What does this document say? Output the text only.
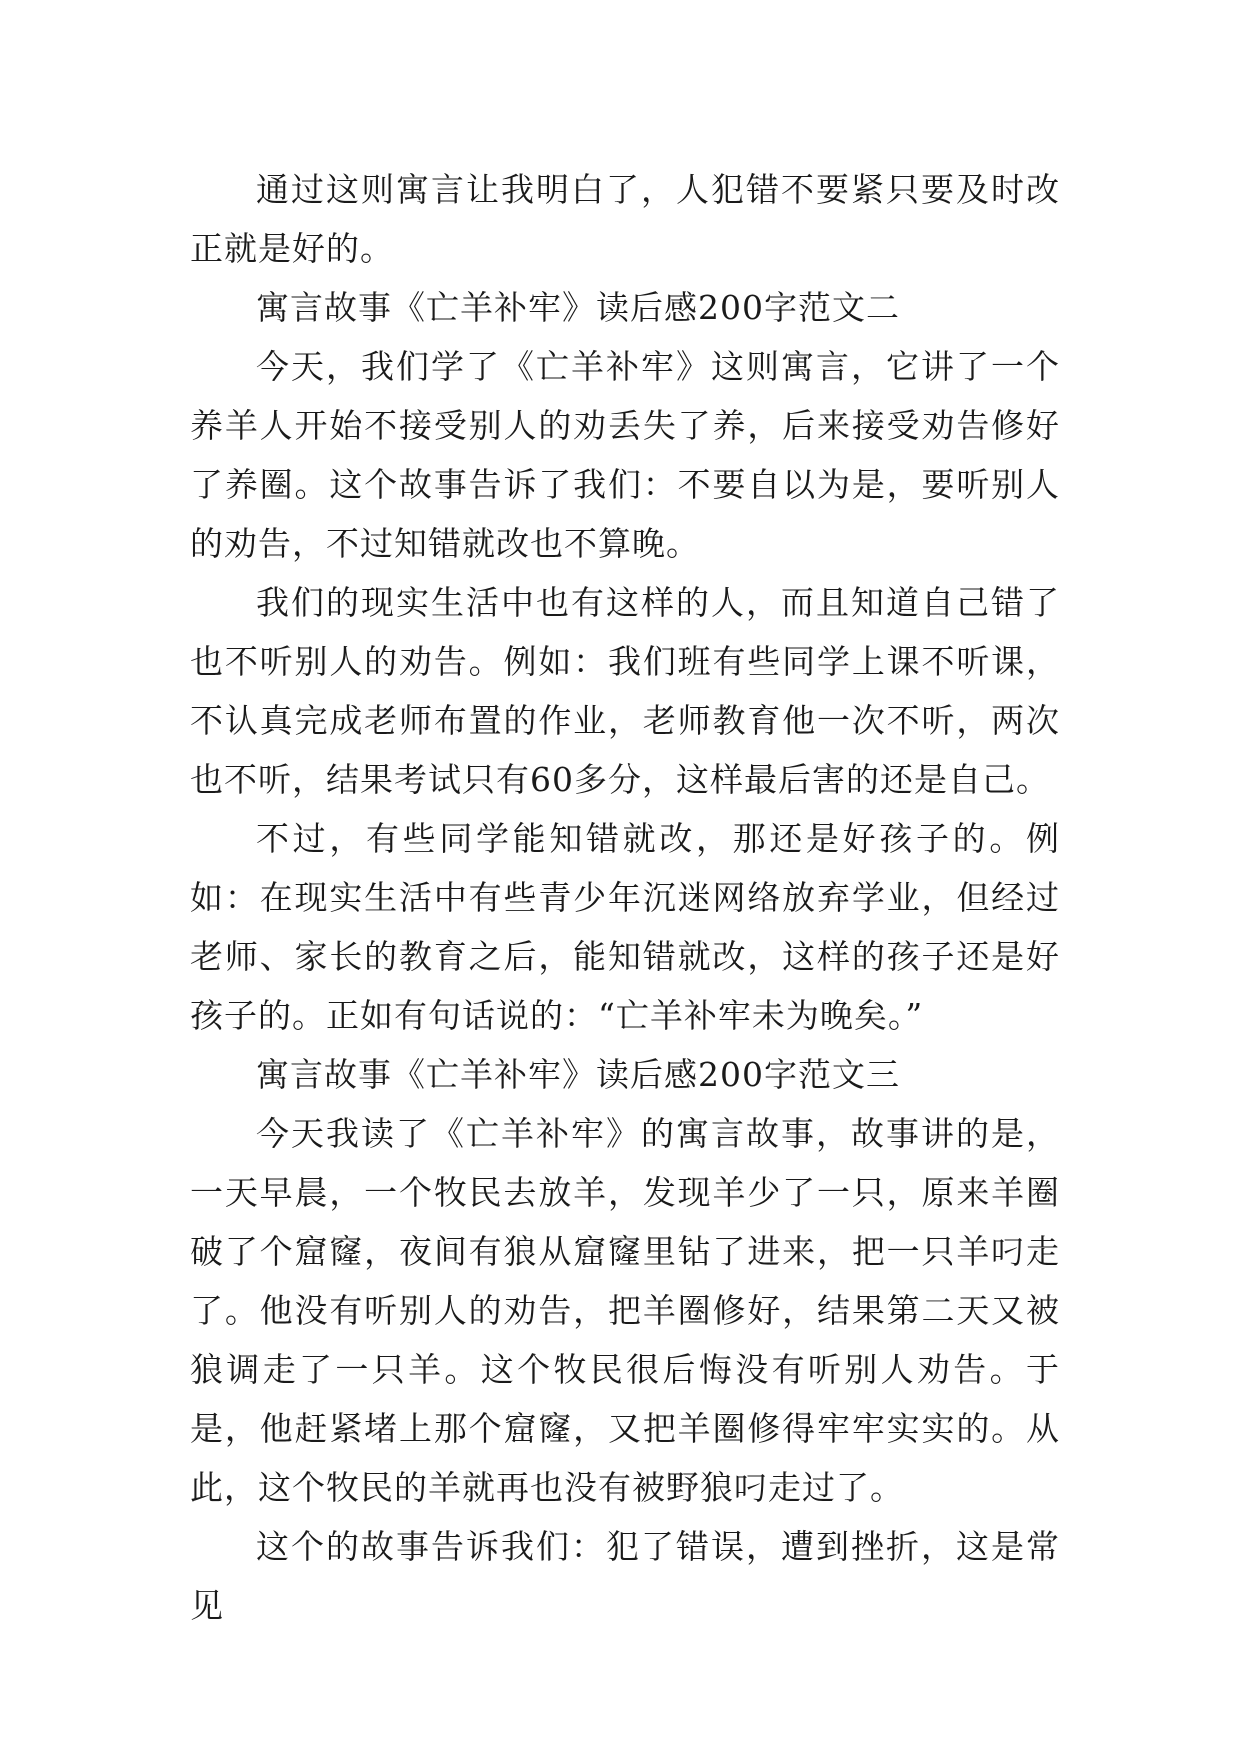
通过这则寓言让我明白了，人犯错不要紧只要及时改正就是好的。

寓言故事《亡羊补牢》读后感200字范文二

今天，我们学了《亡羊补牢》这则寓言，它讲了一个养羊人开始不接受别人的劝丢失了养，后来接受劝告修好了养圈。这个故事告诉了我们：不要自以为是，要听别人的劝告，不过知错就改也不算晚。

我们的现实生活中也有这样的人，而且知道自己错了也不听别人的劝告。例如：我们班有些同学上课不听课，不认真完成老师布置的作业，老师教育他一次不听，两次也不听，结果考试只有60多分，这样最后害的还是自己。

不过，有些同学能知错就改，那还是好孩子的。例如：在现实生活中有些青少年沉迷网络放弃学业，但经过老师、家长的教育之后，能知错就改，这样的孩子还是好孩子的。正如有句话说的：“亡羊补牢未为晚矣。”

寓言故事《亡羊补牢》读后感200字范文三

今天我读了《亡羊补牢》的寓言故事，故事讲的是，一天早晨，一个牧民去放羊，发现羊少了一只，原来羊圈破了个窟窿，夜间有狼从窟窿里钻了进来，把一只羊叼走了。他没有听别人的劝告，把羊圈修好，结果第二天又被狼调走了一只羊。这个牧民很后悔没有听别人劝告。于是，他赶紧堵上那个窟窿，又把羊圈修得牢牢实实的。从此，这个牧民的羊就再也没有被野狼叼走过了。

这个的故事告诉我们：犯了错误，遭到挫折，这是常见
